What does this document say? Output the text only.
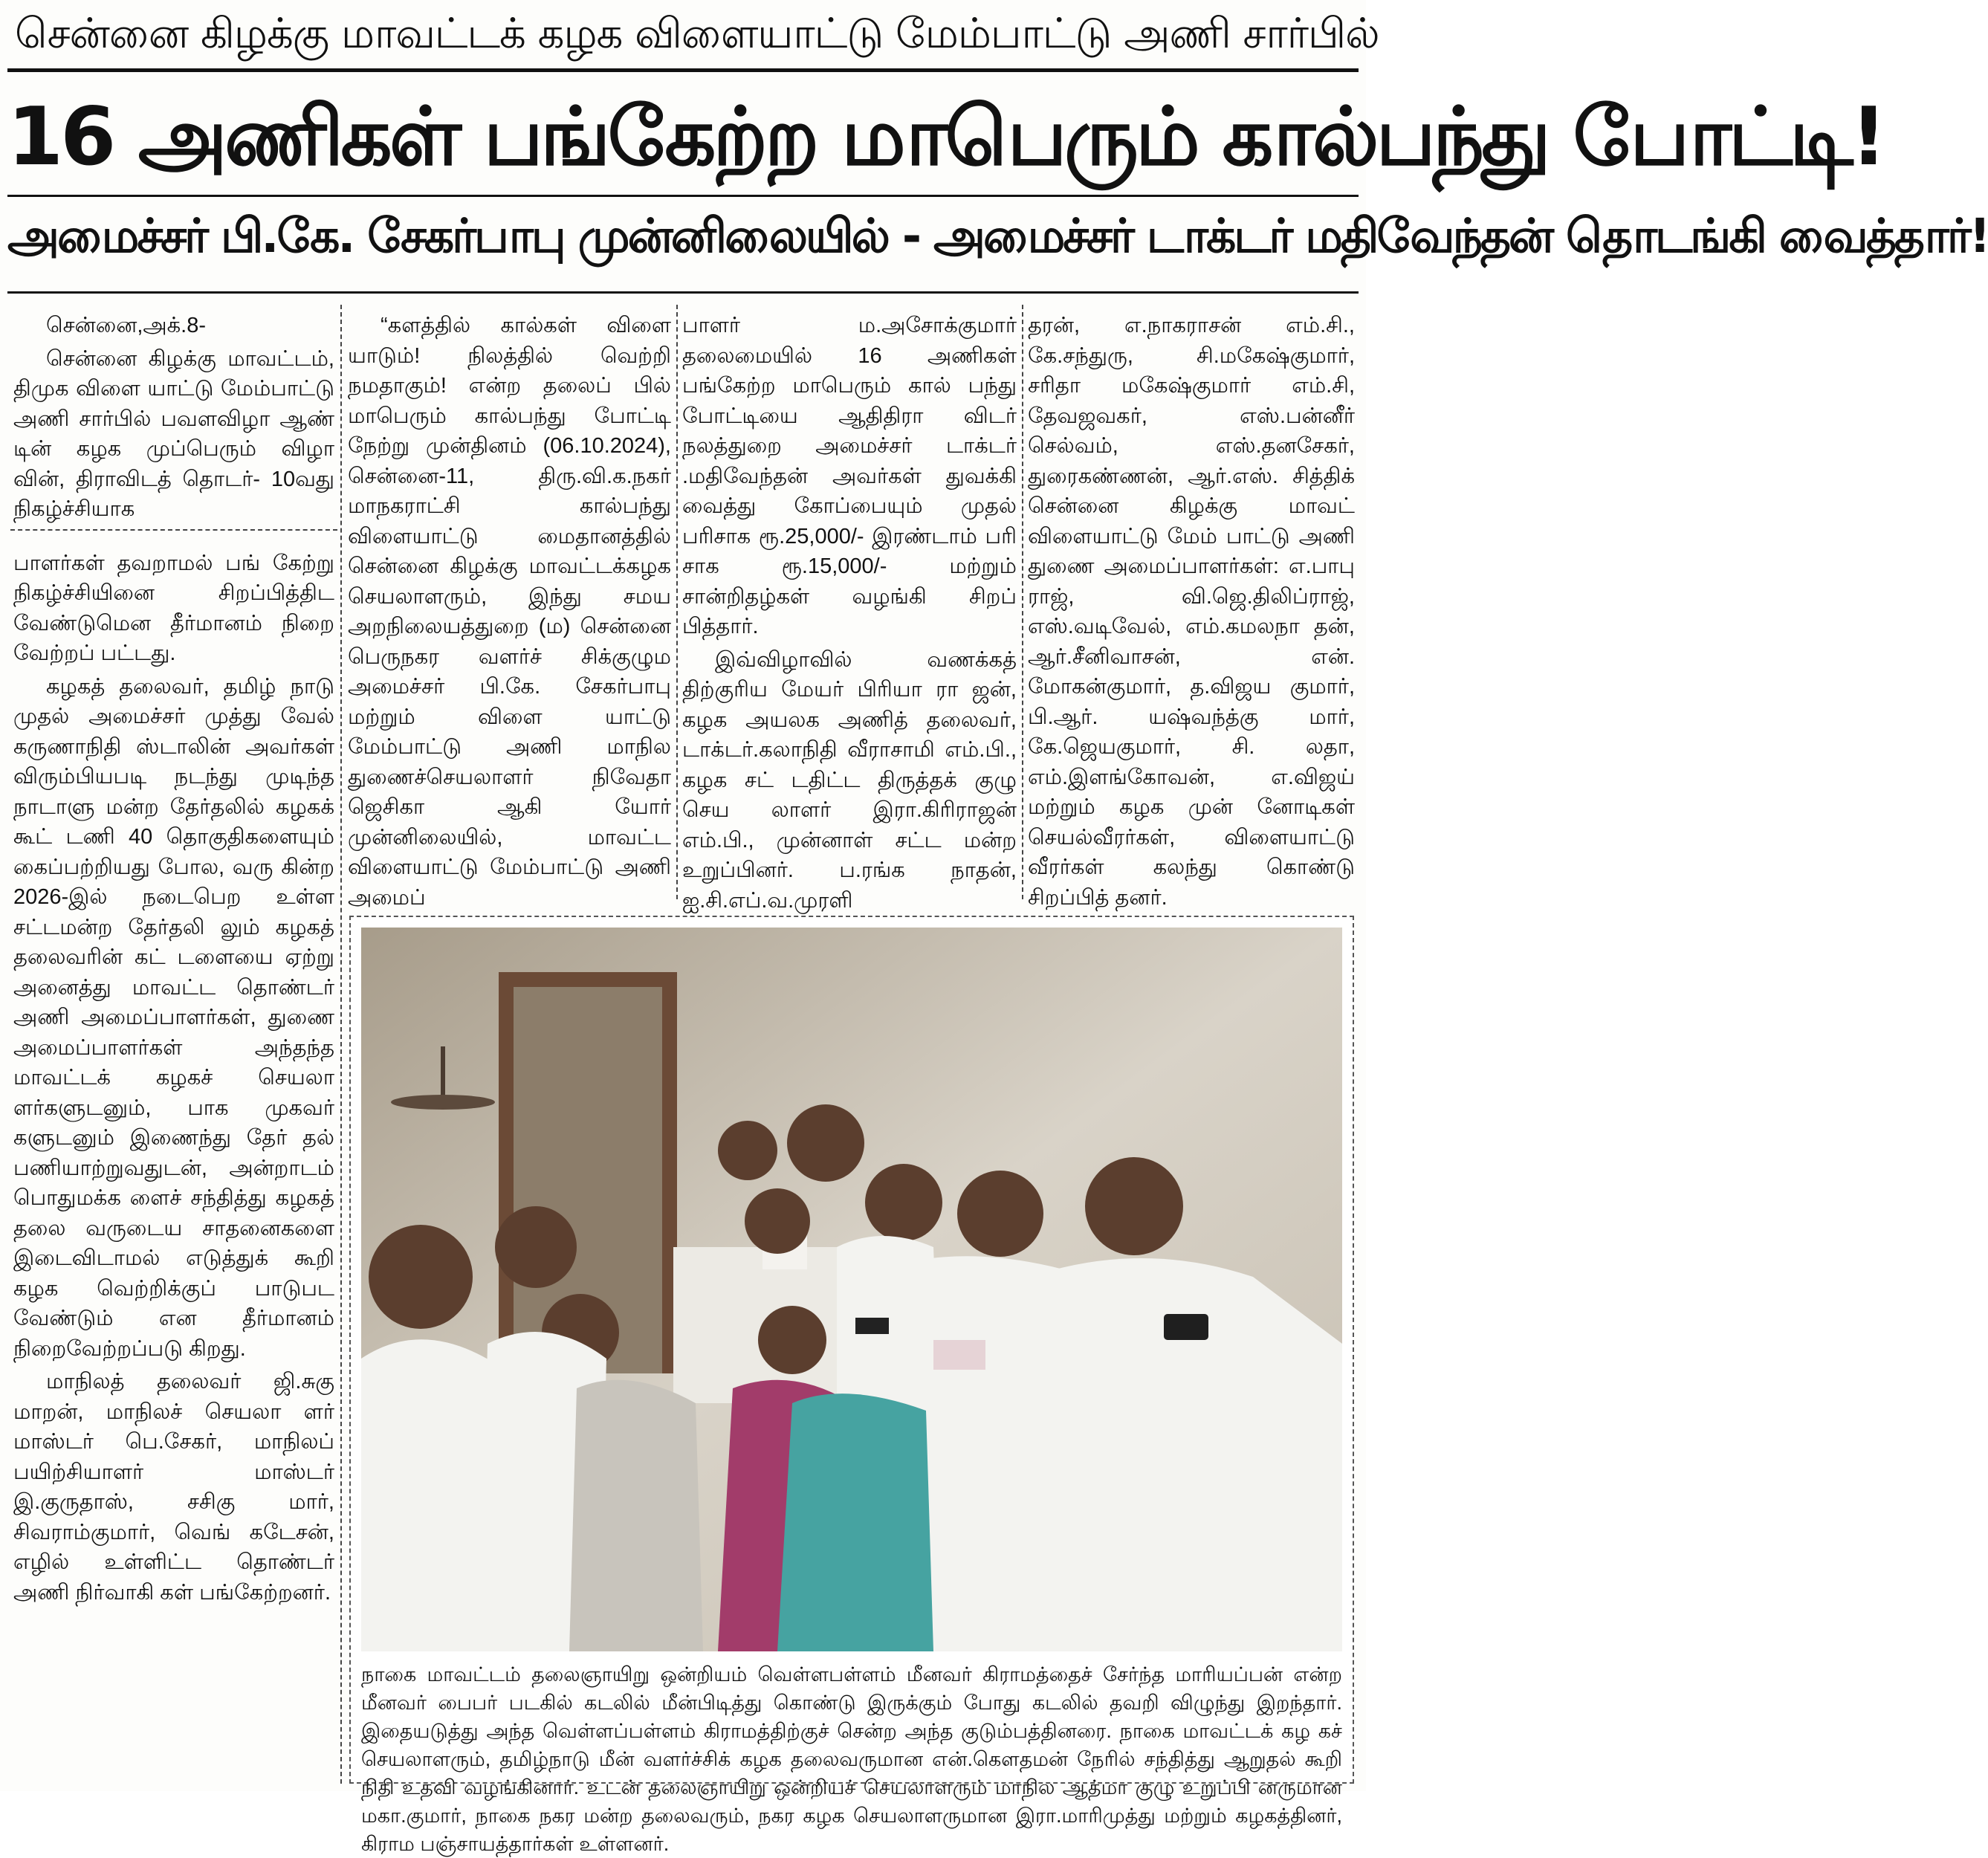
சென்னை கிழக்கு மாவட்டக் கழக விளையாட்டு மேம்பாட்டு அணி சார்பில்
16 அணிகள் பங்கேற்ற மாபெரும் கால்பந்து போட்டி!
அமைச்சர் பி.கே. சேகர்பாபு முன்னிலையில் - அமைச்சர் டாக்டர் மதிவேந்தன் தொடங்கி வைத்தார்!

சென்னை,அக்.8-

சென்னை கிழக்கு மாவட்டம், திமுக விளை யாட்டு மேம்பாட்டு அணி சார்பில் பவளவிழா ஆண் டின் கழக முப்பெரும் விழா வின், திராவிடத் தொடர்- 10வது நிகழ்ச்சியாக

பாளர்கள் தவறாமல் பங் கேற்று நிகழ்ச்சியினை சிறப்பித்திட வேண்டுமென தீர்மானம் நிறை வேற்றப் பட்டது.

கழகத் தலைவர், தமிழ் நாடு முதல் அமைச்சர் முத்து வேல் கருணாநிதி ஸ்டாலின் அவர்கள் விரும்பியபடி நடந்து முடிந்த நாடாளு மன்ற தேர்தலில் கழகக் கூட் டணி 40 தொகுதிகளையும் கைப்பற்றியது போல, வரு கின்ற 2026-இல் நடைபெற உள்ள சட்டமன்ற தேர்தலி லும் கழகத் தலைவரின் கட் டளையை ஏற்று அனைத்து மாவட்ட தொண்டர் அணி அமைப்பாளர்கள், துணை அமைப்பாளர்கள் அந்தந்த மாவட்டக் கழகச் செயலா ளர்களுடனும், பாக முகவர் களுடனும் இணைந்து தேர் தல் பணியாற்றுவதுடன், அன்றாடம் பொதுமக்க ளைச் சந்தித்து கழகத் தலை வருடைய சாதனைகளை இடைவிடாமல் எடுத்துக் கூறி கழக வெற்றிக்குப் பாடுபட வேண்டும் என தீர்மானம் நிறைவேற்றப்படு கிறது.

மாநிலத் தலைவர் ஜி.சுகு மாறன், மாநிலச் செயலா ளர் மாஸ்டர் பெ.சேகர், மாநிலப் பயிற்சியாளர் மாஸ்டர் இ.குருதாஸ், சசிகு மார், சிவராம்குமார், வெங் கடேசன், எழில் உள்ளிட்ட தொண்டர் அணி நிர்வாகி கள் பங்கேற்றனர்.

“களத்தில் கால்கள் விளை யாடும்! நிலத்தில் வெற்றி நமதாகும்! என்ற தலைப் பில் மாபெரும் கால்பந்து போட்டி நேற்று முன்தினம் (06.10.2024), சென்னை-11, திரு.வி.க.நகர் மாநகராட்சி கால்பந்து விளையாட்டு மைதானத்தில் சென்னை கிழக்கு மாவட்டக்கழக செயலாளரும், இந்து சமய அறநிலையத்துறை (ம) சென்னை பெருநகர வளர்ச் சிக்குழும அமைச்சர் பி.கே. சேகர்பாபு மற்றும் விளை யாட்டு மேம்பாட்டு அணி மாநில துணைச்செயலாளர் நிவேதா ஜெசிகா ஆகி யோர் முன்னிலையில், மாவட்ட விளையாட்டு மேம்பாட்டு அணி அமைப்

பாளர் ம.அசோக்குமார் தலைமையில் 16 அணிகள் பங்கேற்ற மாபெரும் கால் பந்து போட்டியை ஆதிதிரா விடர் நலத்துறை அமைச்சர் டாக்டர் .மதிவேந்தன் அவர்கள் துவக்கி வைத்து கோப்பையும் முதல் பரிசாக ரூ.25,000/- இரண்டாம் பரி சாக ரூ.15,000/- மற்றும் சான்றிதழ்கள் வழங்கி சிறப் பித்தார்.

இவ்விழாவில் வணக்கத் திற்குரிய மேயர் பிரியா ரா ஜன், கழக அயலக அணித் தலைவர், டாக்டர்.கலாநிதி வீராசாமி எம்.பி., கழக சட் டதிட்ட திருத்தக் குழு செய லாளர் இரா.கிரிராஜன் எம்.பி., முன்னாள் சட்ட மன்ற உறுப்பினர். ப.ரங்க நாதன், ஐ.சி.எப்.வ.முரளி

தரன், எ.நாகராசன் எம்.சி., கே.சந்துரு, சி.மகேஷ்குமார், சரிதா மகேஷ்குமார் எம்.சி, தேவஜவகர், எஸ்.பன்னீர் செல்வம், எஸ்.தனசேகர், துரைகண்ணன், ஆர்.எஸ். சித்திக் சென்னை கிழக்கு மாவட் விளையாட்டு மேம் பாட்டு அணி துணை அமைப்பாளர்கள்: எ.பாபு ராஜ், வி.ஜெ.திலிப்ராஜ், எஸ்.வடிவேல், எம்.கமலநா தன், ஆர்.சீனிவாசன், என். மோகன்குமார், த.விஜய குமார், பி.ஆர். யஷ்வந்த்கு மார், கே.ஜெயகுமார், சி. லதா, எம்.இளங்கோவன், எ.விஜய் மற்றும் கழக முன் னோடிகள் செயல்வீரர்கள், விளையாட்டு வீரர்கள் கலந்து கொண்டு சிறப்பித் தனர்.

நாகை மாவட்டம் தலைஞாயிறு ஒன்றியம் வெள்ளபள்ளம் மீனவர் கிராமத்தைச் சேர்ந்த மாரியப்பன் என்ற மீனவர் பைபர் படகில் கடலில் மீன்பிடித்து கொண்டு இருக்கும் போது கடலில் தவறி விழுந்து இறந்தார். இதையடுத்து அந்த வெள்ளப்பள்ளம் கிராமத்திற்குச் சென்ற அந்த குடும்பத்தினரை. நாகை மாவட்டக் கழ கச் செயலாளரும், தமிழ்நாடு மீன் வளர்ச்சிக் கழக தலைவருமான என்.கௌதமன் நேரில் சந்தித்து ஆறுதல் கூறி நிதி உதவி வழங்கினார். உடன் தலைஞாயிறு ஒன்றியச் செயலாளரும் மாநில ஆத்மா குழு உறுப்பி னருமான மகா.குமார், நாகை நகர மன்ற தலைவரும், நகர கழக செயலாளருமான இரா.மாரிமுத்து மற்றும் கழகத்தினர், கிராம பஞ்சாயத்தார்கள் உள்ளனர்.
